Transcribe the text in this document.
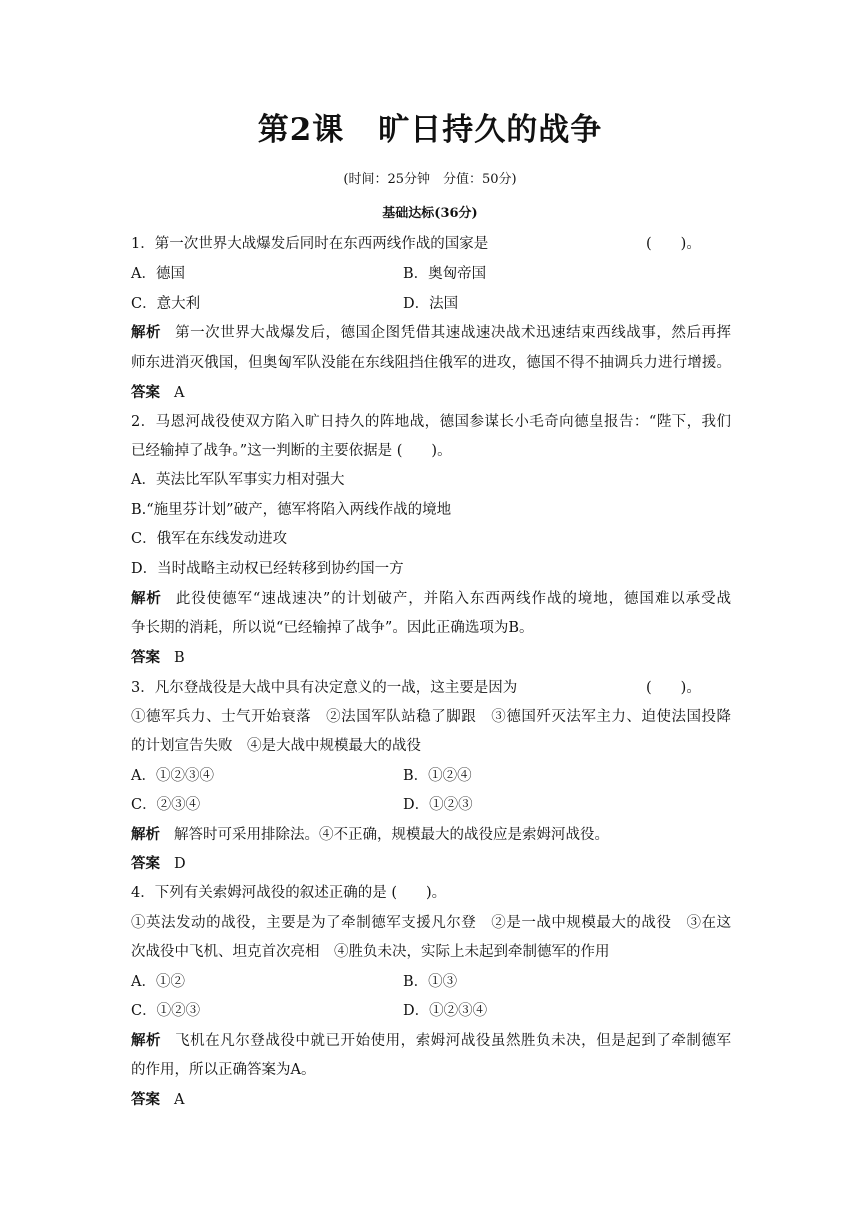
第2课 旷日持久的战争
(时间：25分钟　分值：50分)
基础达标(36分)
1．第一次世界大战爆发后同时在东西两线作战的国家是	(　　)。
A．德国	B．奥匈帝国
C．意大利	D．法国
解析 第一次世界大战爆发后，德国企图凭借其速战速决战术迅速结束西线战事，然后再挥
师东进消灭俄国，但奥匈军队没能在东线阻挡住俄军的进攻，德国不得不抽调兵力进行增援。
答案 A
2．马恩河战役使双方陷入旷日持久的阵地战，德国参谋长小毛奇向德皇报告：“陛下，我们
已经输掉了战争。”这一判断的主要依据是 (　　)。
A．英法比军队军事实力相对强大
B.“施里芬计划”破产，德军将陷入两线作战的境地
C．俄军在东线发动进攻
D．当时战略主动权已经转移到协约国一方
解析 此役使德军“速战速决”的计划破产，并陷入东西两线作战的境地，德国难以承受战
争长期的消耗，所以说“已经输掉了战争”。因此正确选项为B。
答案 B
3．凡尔登战役是大战中具有决定意义的一战，这主要是因为	(　　)。
①德军兵力、士气开始衰落　②法国军队站稳了脚跟　③德国歼灭法军主力、迫使法国投降
的计划宣告失败　④是大战中规模最大的战役
A．①②③④	B．①②④
C．②③④	D．①②③
解析 解答时可采用排除法。④不正确，规模最大的战役应是索姆河战役。
答案 D
4．下列有关索姆河战役的叙述正确的是 (　　)。
①英法发动的战役，主要是为了牵制德军支援凡尔登　②是一战中规模最大的战役　③在这
次战役中飞机、坦克首次亮相　④胜负未决，实际上未起到牵制德军的作用
A．①②	B．①③
C．①②③	D．①②③④
解析 飞机在凡尔登战役中就已开始使用，索姆河战役虽然胜负未决，但是起到了牵制德军
的作用，所以正确答案为A。
答案 A
